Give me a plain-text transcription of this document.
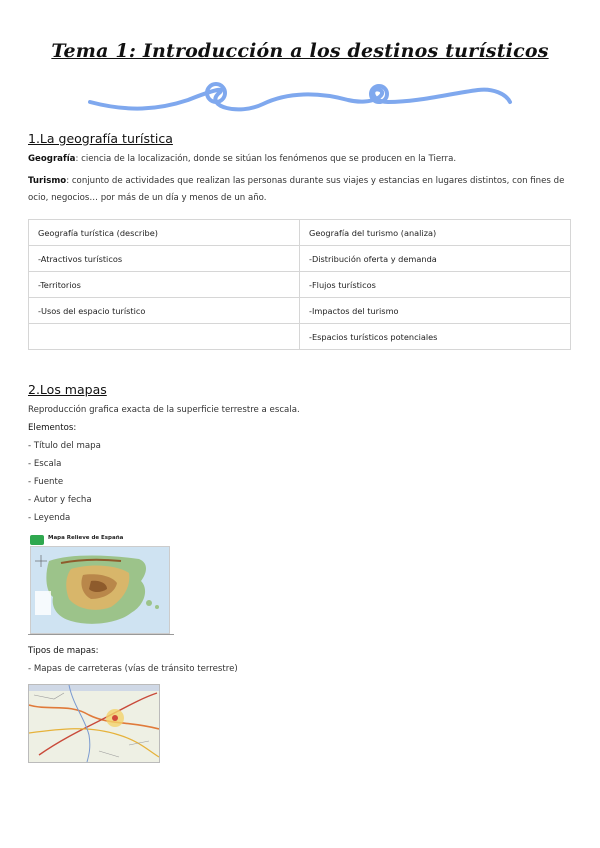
Tema 1: Introducción a los destinos turísticos
1.La geografía turística
Geografía: ciencia de la localización, donde se sitúan los fenómenos que se producen en la Tierra.
Turismo: conjunto de actividades que realizan las personas durante sus viajes y estancias en lugares distintos, con fines de ocio, negocios… por más de un día y menos de un año.
Geografía turística (describe)	Geografía del turismo (analiza)
-Atractivos turísticos	-Distribución oferta y demanda
-Territorios	-Flujos turísticos
-Usos del espacio turístico	-Impactos del turismo
	-Espacios turísticos potenciales
2.Los mapas
Reproducción grafica exacta de la superficie terrestre a escala.
Elementos:
- Título del mapa
- Escala
- Fuente
- Autor y fecha
- Leyenda
Mapa Relieve de España
Tipos de mapas:
- Mapas de carreteras (vías de tránsito terrestre)
